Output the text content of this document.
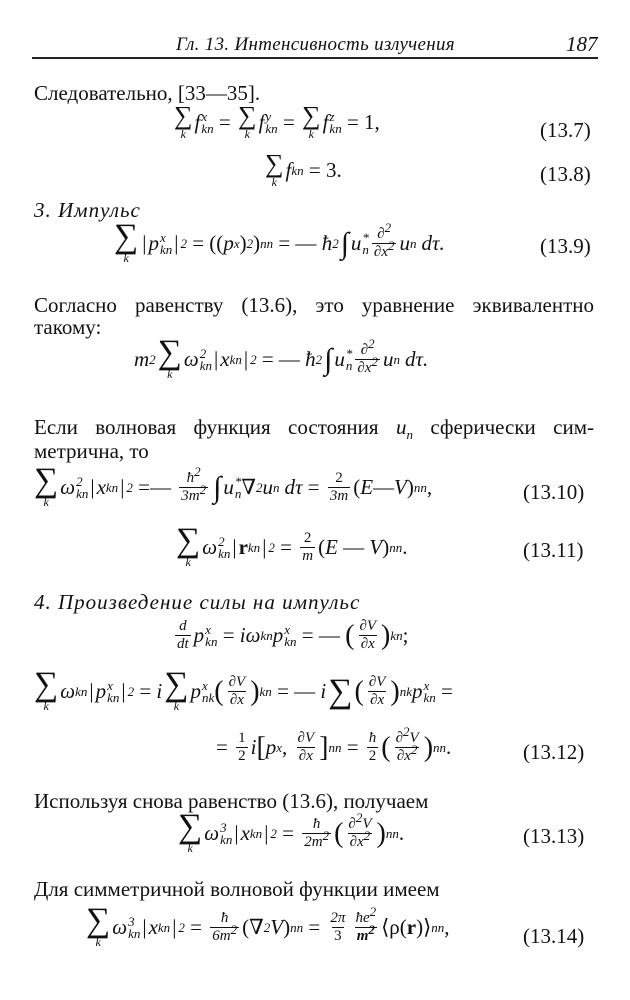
Гл. 13. Интенсивность излучения	187
Следовательно, [33—35].
∑
k f x
kn = ∑
k f y
kn = ∑
k f z
kn = 1,	(13.7)
∑
k f kn = 3.	(13.8)
3. Импульс
∑
k
| p x
kn | 2 = (( p x ) 2 ) nn = — ħ 2 ∫ u *
n $\frac{\partial^2}{\partial x^2}$ u n dτ.	(13.9)
Согласно равенству (13.6), это уравнение эквивалентно
такому:
m 2 ∑
k
ω 2
kn | x kn | 2 = — ħ 2 ∫ u *
n $\frac{\partial^2}{\partial x^2}$ u n dτ.
Если волновая функция состояния $u_n$ сферически сим-
метрична, то
∑
k
ω 2
kn | x kn | 2 =— $\frac{ħ^2}{3m^2}$ ∫ u *
n ∇ 2 u n $d\tau = \frac{2}{3m}$ ( E — V ) nn ,	(13.10)
∑
k
ω 2
kn | r kn | $2 = \frac{2}{m}$ ( E — V ) nn .	(13.11)
4. Произведение силы на импульс
$\frac{d}{dt}$ p x
kn = iω kn p x
kn = — ( $\frac{\partial V}{\partial x}$ ) kn ;
∑
k
ω kn | p x
kn | 2 = i ∑
k
p x
nk ( $\frac{\partial V}{\partial x}$ ) kn = — i ∑ ( $\frac{\partial V}{\partial x}$ ) nk p x
kn =
= $\frac{1}{2}$ i [ p x , $\frac{\partial V}{\partial x}$ ] nn = $\frac{ħ}{2}$ ( $\frac{\partial^2V}{\partial x^2}$ ) nn .	(13.12)
Используя снова равенство (13.6), получаем
∑
k
ω 3
kn | x kn | $2 = \frac{ħ}{2m^2}$ ( $\frac{\partial^2V}{\partial x^2}$ ) nn .	(13.13)
Для симметричной волновой функции имеем
∑
k
ω 3
kn | x kn | $2 = \frac{ħ}{6m^2}$ (∇ 2 V ) nn = $\frac{2\pi}{3} \frac{ħe^2}{m^2}$ ⟨ρ( r )⟩ nn ,	(13.14)
